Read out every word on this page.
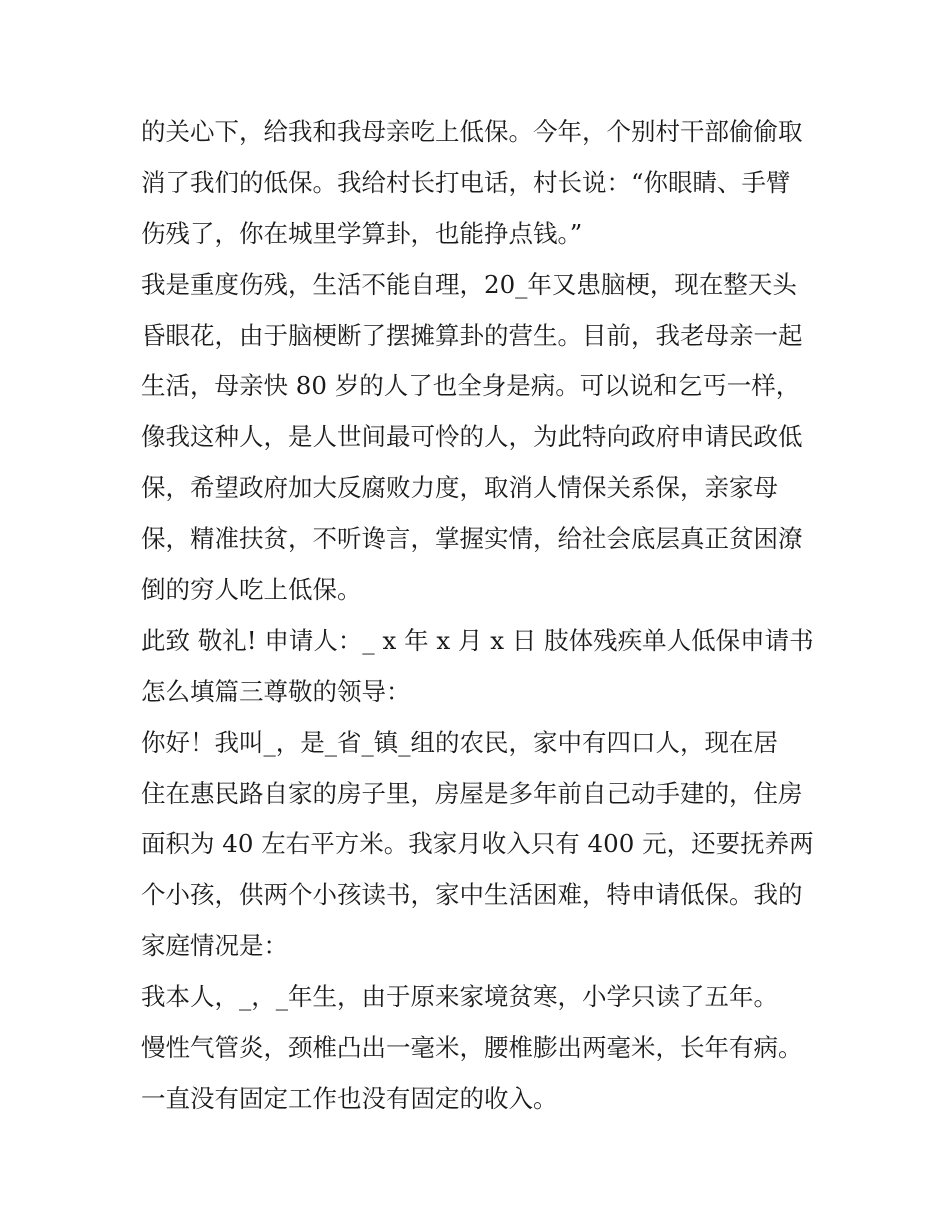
的关心下，给我和我母亲吃上低保。今年，个别村干部偷偷取
消了我们的低保。我给村长打电话，村长说：“你眼睛、手臂
伤残了，你在城里学算卦，也能挣点钱。”

我是重度伤残，生活不能自理，20_年又患脑梗，现在整天头
昏眼花，由于脑梗断了摆摊算卦的营生。目前，我老母亲一起
生活，母亲快 80 岁的人了也全身是病。可以说和乞丐一样，
像我这种人，是人世间最可怜的人，为此特向政府申请民政低
保，希望政府加大反腐败力度，取消人情保关系保，亲家母
保，精准扶贫，不听谗言，掌握实情，给社会底层真正贫困潦
倒的穷人吃上低保。

此致 敬礼! 申请人：_ x 年 x 月 x 日 肢体残疾单人低保申请书
怎么填篇三尊敬的领导：

你好！我叫_，是_省_镇_组的农民，家中有四口人，现在居
住在惠民路自家的房子里，房屋是多年前自己动手建的，住房
面积为 40 左右平方米。我家月收入只有 400 元，还要抚养两
个小孩，供两个小孩读书，家中生活困难，特申请低保。我的
家庭情况是：

我本人，_，_年生，由于原来家境贫寒，小学只读了五年。
慢性气管炎，颈椎凸出一毫米，腰椎膨出两毫米，长年有病。
一直没有固定工作也没有固定的收入。
